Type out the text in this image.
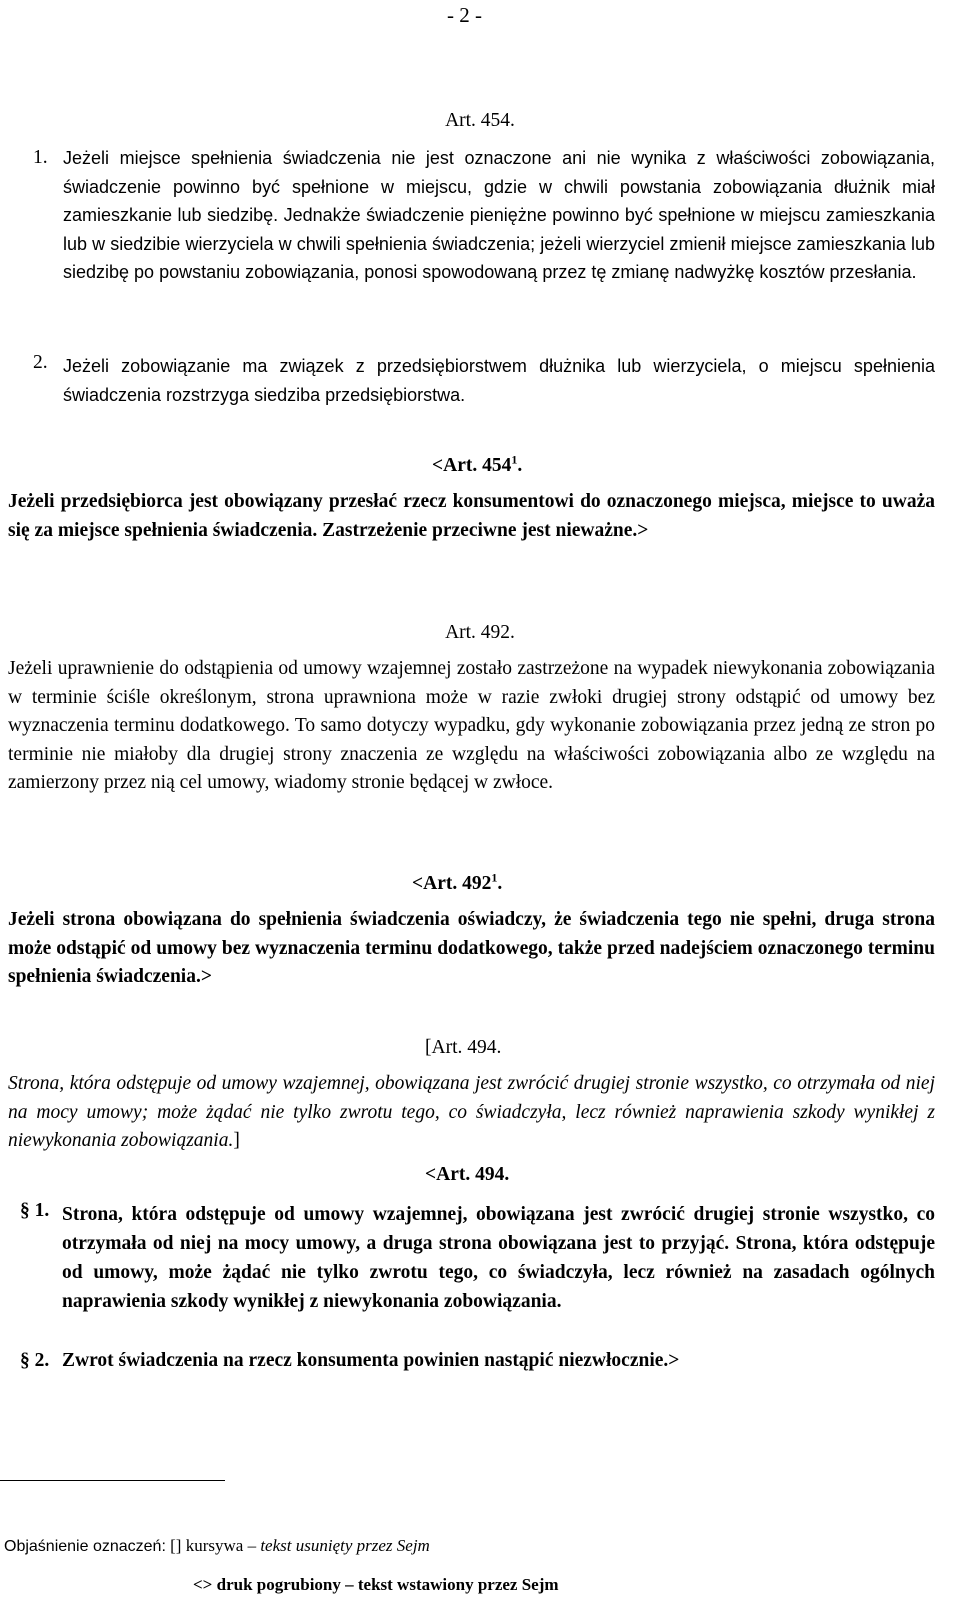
- 2 -
Art. 454.
1. Jeżeli miejsce spełnienia świadczenia nie jest oznaczone ani nie wynika z właściwości zobowiązania, świadczenie powinno być spełnione w miejscu, gdzie w chwili powstania zobowiązania dłużnik miał zamieszkanie lub siedzibę. Jednakże świadczenie pieniężne powinno być spełnione w miejscu zamieszkania lub w siedzibie wierzyciela w chwili spełnienia świadczenia; jeżeli wierzyciel zmienił miejsce zamieszkania lub siedzibę po powstaniu zobowiązania, ponosi spowodowaną przez tę zmianę nadwyżkę kosztów przesłania.
2. Jeżeli zobowiązanie ma związek z przedsiębiorstwem dłużnika lub wierzyciela, o miejscu spełnienia świadczenia rozstrzyga siedziba przedsiębiorstwa.
<Art. $454^1$.
Jeżeli przedsiębiorca jest obowiązany przesłać rzecz konsumentowi do oznaczonego miejsca, miejsce to uważa się za miejsce spełnienia świadczenia. Zastrzeżenie przeciwne jest nieważne.>
Art. 492.
Jeżeli uprawnienie do odstąpienia od umowy wzajemnej zostało zastrzeżone na wypadek niewykonania zobowiązania w terminie ściśle określonym, strona uprawniona może w razie zwłoki drugiej strony odstąpić od umowy bez wyznaczenia terminu dodatkowego. To samo dotyczy wypadku, gdy wykonanie zobowiązania przez jedną ze stron po terminie nie miałoby dla drugiej strony znaczenia ze względu na właściwości zobowiązania albo ze względu na zamierzony przez nią cel umowy, wiadomy stronie będącej w zwłoce.
<Art. $492^1$.
Jeżeli strona obowiązana do spełnienia świadczenia oświadczy, że świadczenia tego nie spełni, druga strona może odstąpić od umowy bez wyznaczenia terminu dodatkowego, także przed nadejściem oznaczonego terminu spełnienia świadczenia.>
[Art. 494.
Strona, która odstępuje od umowy wzajemnej, obowiązana jest zwrócić drugiej stronie wszystko, co otrzymała od niej na mocy umowy; może żądać nie tylko zwrotu tego, co świadczyła, lecz również naprawienia szkody wynikłej z niewykonania zobowiązania.]
<Art. 494.
§ 1. Strona, która odstępuje od umowy wzajemnej, obowiązana jest zwrócić drugiej stronie wszystko, co otrzymała od niej na mocy umowy, a druga strona obowiązana jest to przyjąć. Strona, która odstępuje od umowy, może żądać nie tylko zwrotu tego, co świadczyła, lecz również na zasadach ogólnych naprawienia szkody wynikłej z niewykonania zobowiązania.
§ 2. Zwrot świadczenia na rzecz konsumenta powinien nastąpić niezwłocznie.>
Objaśnienie oznaczeń: [] kursywa – tekst usunięty przez Sejm
<> druk pogrubiony – tekst wstawiony przez Sejm
